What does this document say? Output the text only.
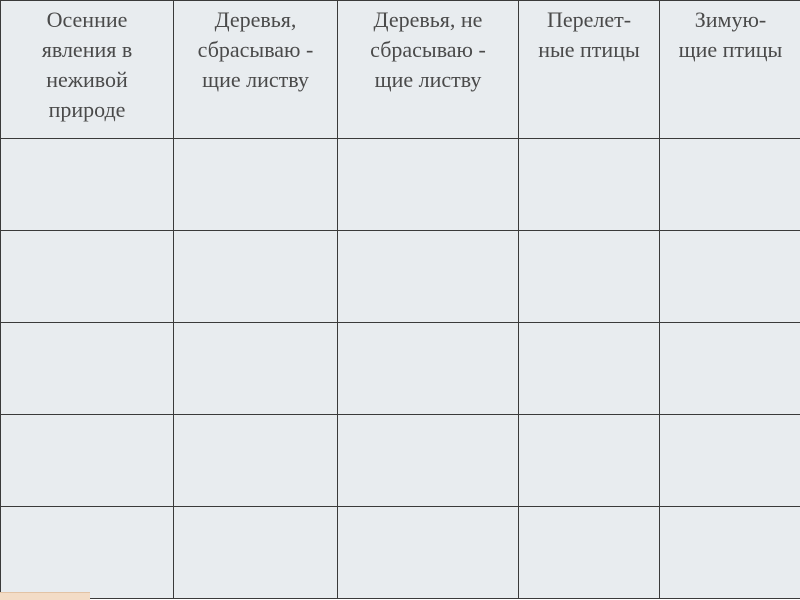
Осенние
явления в
неживой
природе	Деревья,
сбрасываю -
щие листву	Деревья, не
сбрасываю -
щие листву	Перелет-
ные птицы	Зимую-
щие птицы
